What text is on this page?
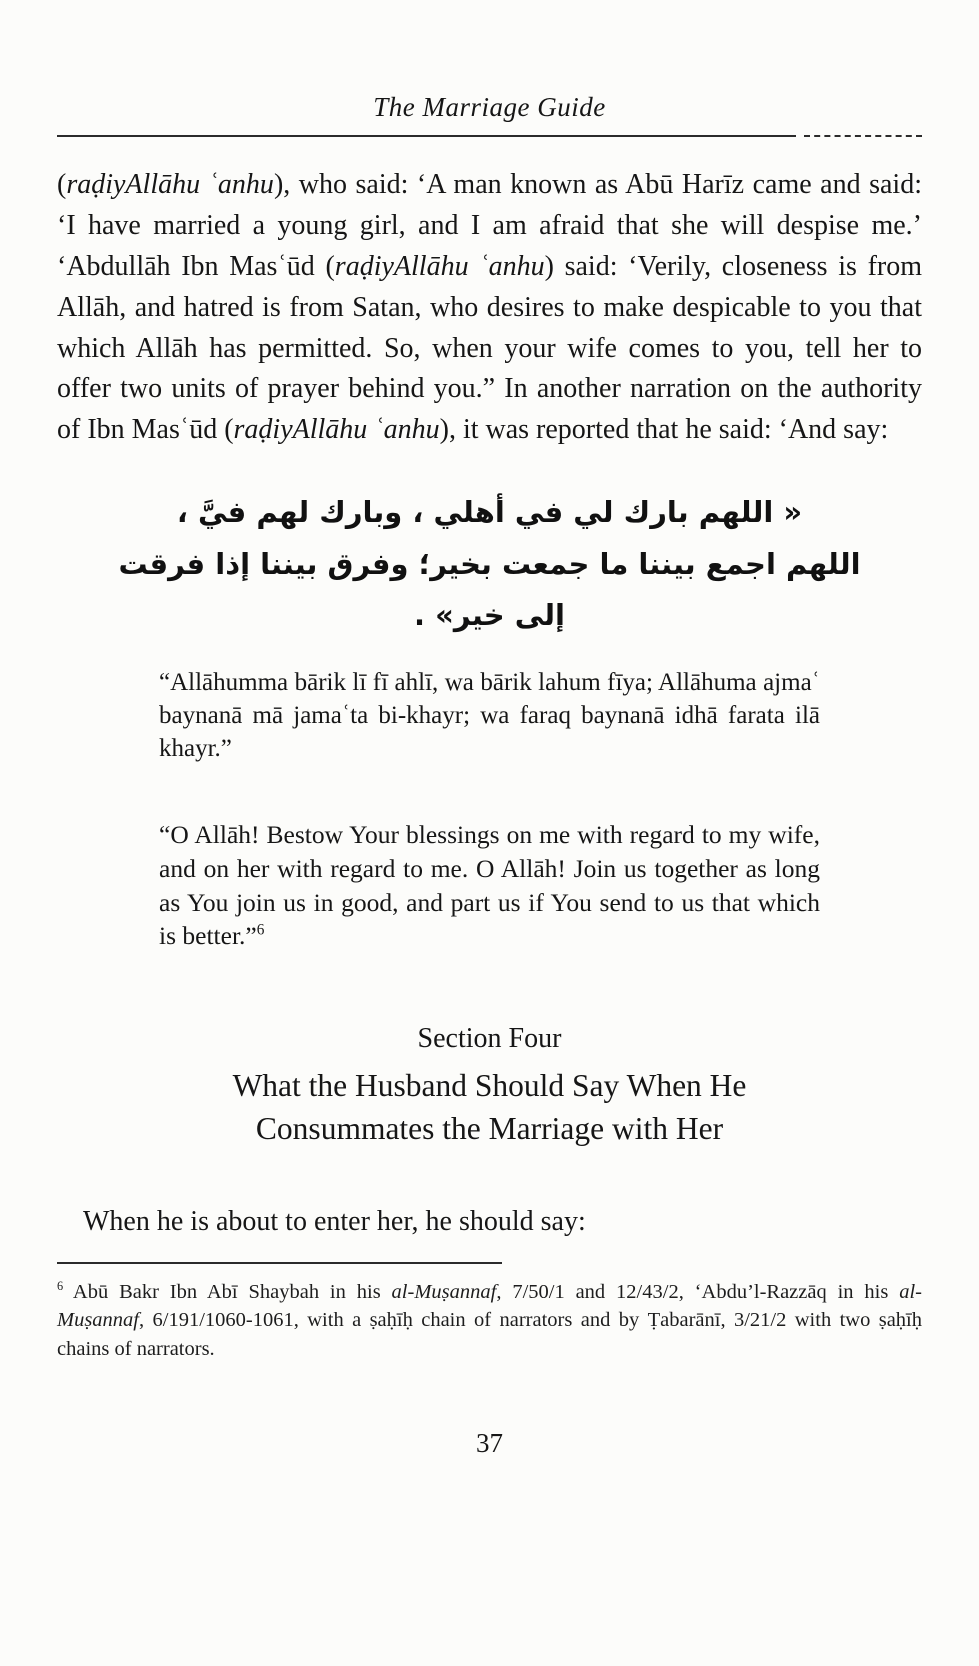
The Marriage Guide

(raḍiyAllāhu ʿanhu), who said: ‘A man known as Abū Harīz came and said: ‘I have married a young girl, and I am afraid that she will despise me.’ ‘Abdullāh Ibn Masʿūd (raḍiyAllāhu ʿanhu) said: ‘Verily, closeness is from Allāh, and hatred is from Satan, who desires to make despicable to you that which Allāh has permitted. So, when your wife comes to you, tell her to offer two units of prayer behind you.” In another narration on the authority of Ibn Masʿūd (raḍiyAllāhu ʿanhu), it was reported that he said: ‘And say:

« اللهم بارك لي في أهلي ، وبارك لهم فيَّ ،
اللهم اجمع بيننا ما جمعت بخير؛ وفرق بيننا إذا فرقت
إلى خير» .

“Allāhumma bārik lī fī ahlī, wa bārik lahum fīya; Allāhuma ajmaʿ baynanā mā jamaʿta bi-khayr; wa faraq baynanā idhā farata ilā khayr.”

“O Allāh! Bestow Your blessings on me with regard to my wife, and on her with regard to me. O Allāh! Join us together as long as You join us in good, and part us if You send to us that which is better.”$^6$

Section Four
What the Husband Should Say When He
Consummates the Marriage with Her

When he is about to enter her, he should say:

$^6$ Abū Bakr Ibn Abī Shaybah in his al-Muṣannaf, 7/50/1 and 12/43/2, ‘Abdu’l-Razzāq in his al-Muṣannaf, 6/191/1060-1061, with a ṣaḥīḥ chain of narrators and by Ṭabarānī, 3/21/2 with two ṣaḥīḥ chains of narrators.

37
